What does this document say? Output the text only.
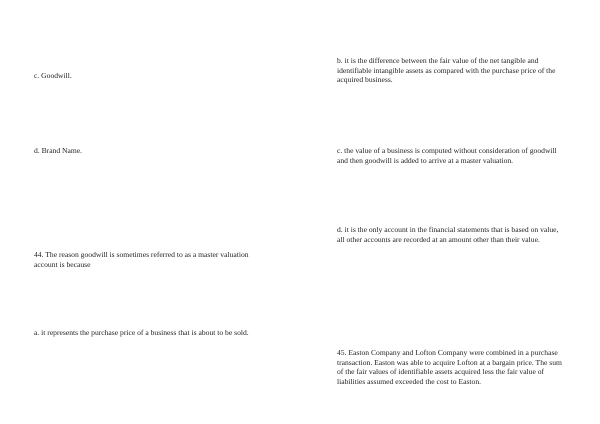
c. Goodwill.

d. Brand Name.

44. The reason goodwill is sometimes referred to as a master valuation account is because

a. it represents the purchase price of a business that is about to be sold.

b. it is the difference between the fair value of the net tangible and identifiable intangible assets as compared with the purchase price of the acquired business.

c. the value of a business is computed without consideration of goodwill and then goodwill is added to arrive at a master valuation.

d. it is the only account in the financial statements that is based on value, all other accounts are recorded at an amount other than their value.

45. Easton Company and Lofton Company were combined in a purchase transaction. Easton was able to acquire Lofton at a bargain price. The sum of the fair values of identifiable assets acquired less the fair value of liabilities assumed exceeded the cost to Easton.
